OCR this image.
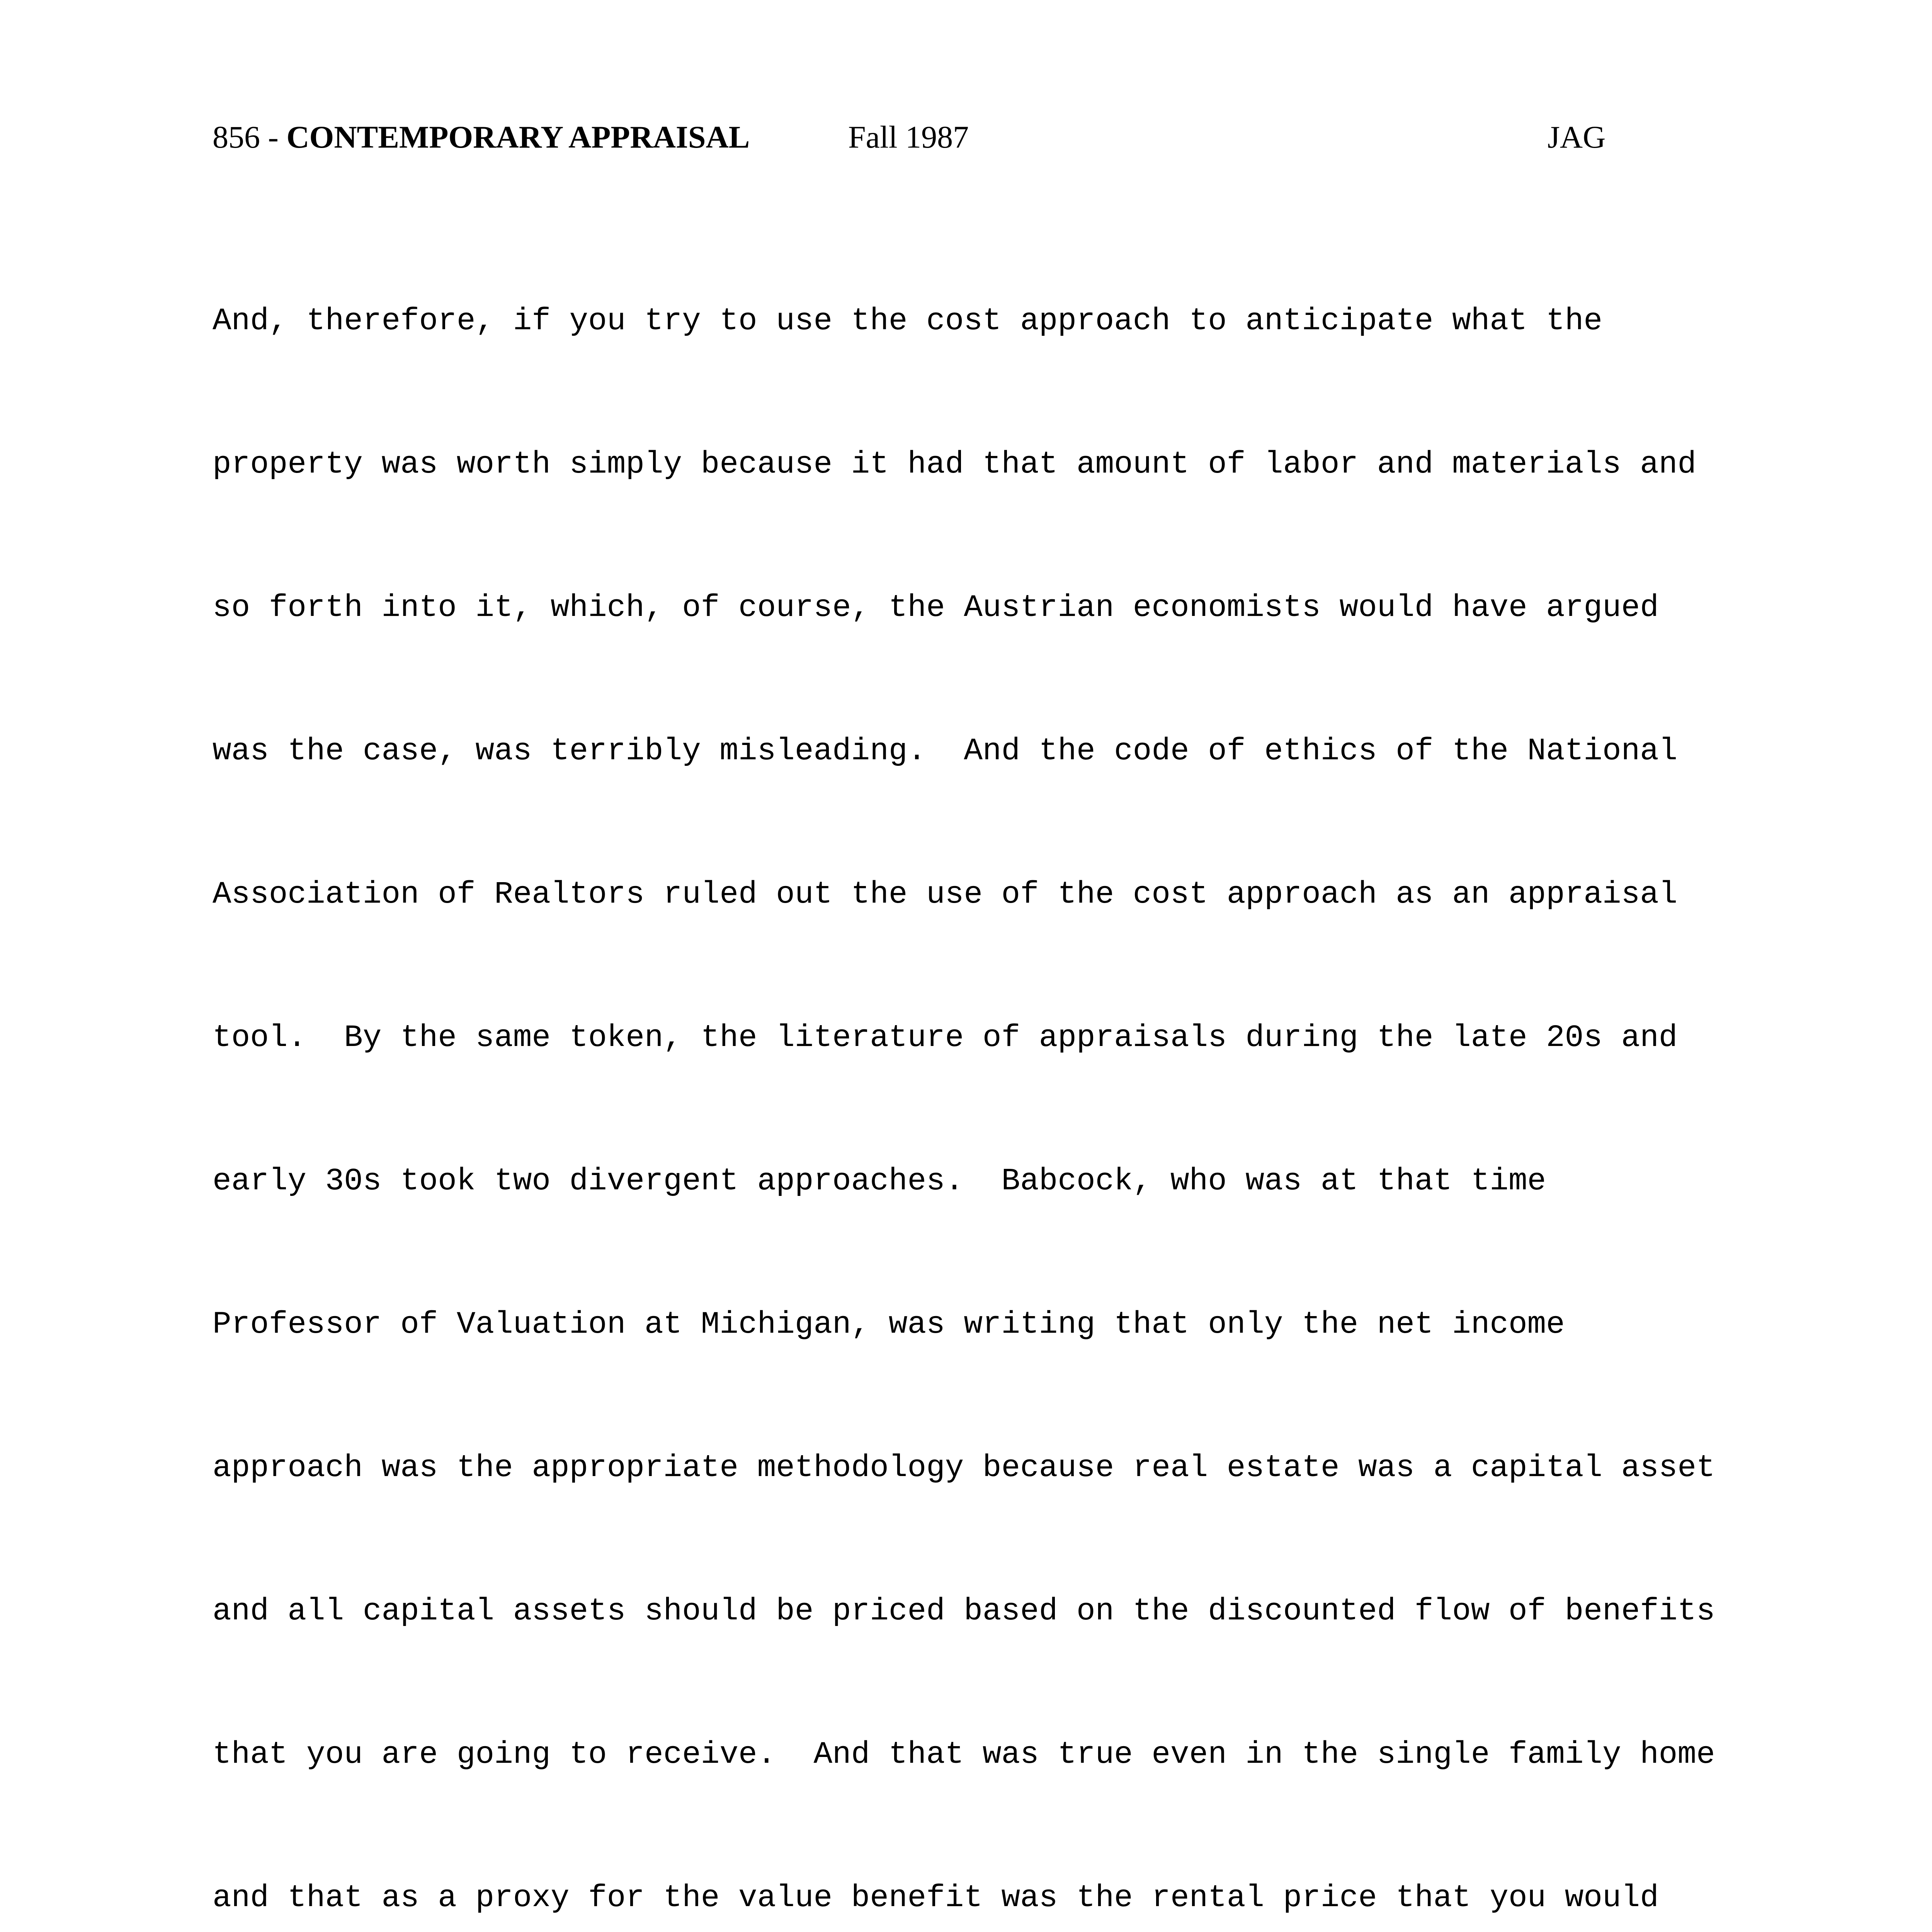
856 - CONTEMPORARY APPRAISAL	Fall 1987	JAG

And, therefore, if you try to use the cost approach to anticipate what the

property was worth simply because it had that amount of labor and materials and

so forth into it, which, of course, the Austrian economists would have argued

was the case, was terribly misleading.  And the code of ethics of the National

Association of Realtors ruled out the use of the cost approach as an appraisal

tool.  By the same token, the literature of appraisals during the late 20s and

early 30s took two divergent approaches.  Babcock, who was at that time

Professor of Valuation at Michigan, was writing that only the net income

approach was the appropriate methodology because real estate was a capital asset

and all capital assets should be priced based on the discounted flow of benefits

that you are going to receive.  And that was true even in the single family home

and that as a proxy for the value benefit was the rental price that you would
